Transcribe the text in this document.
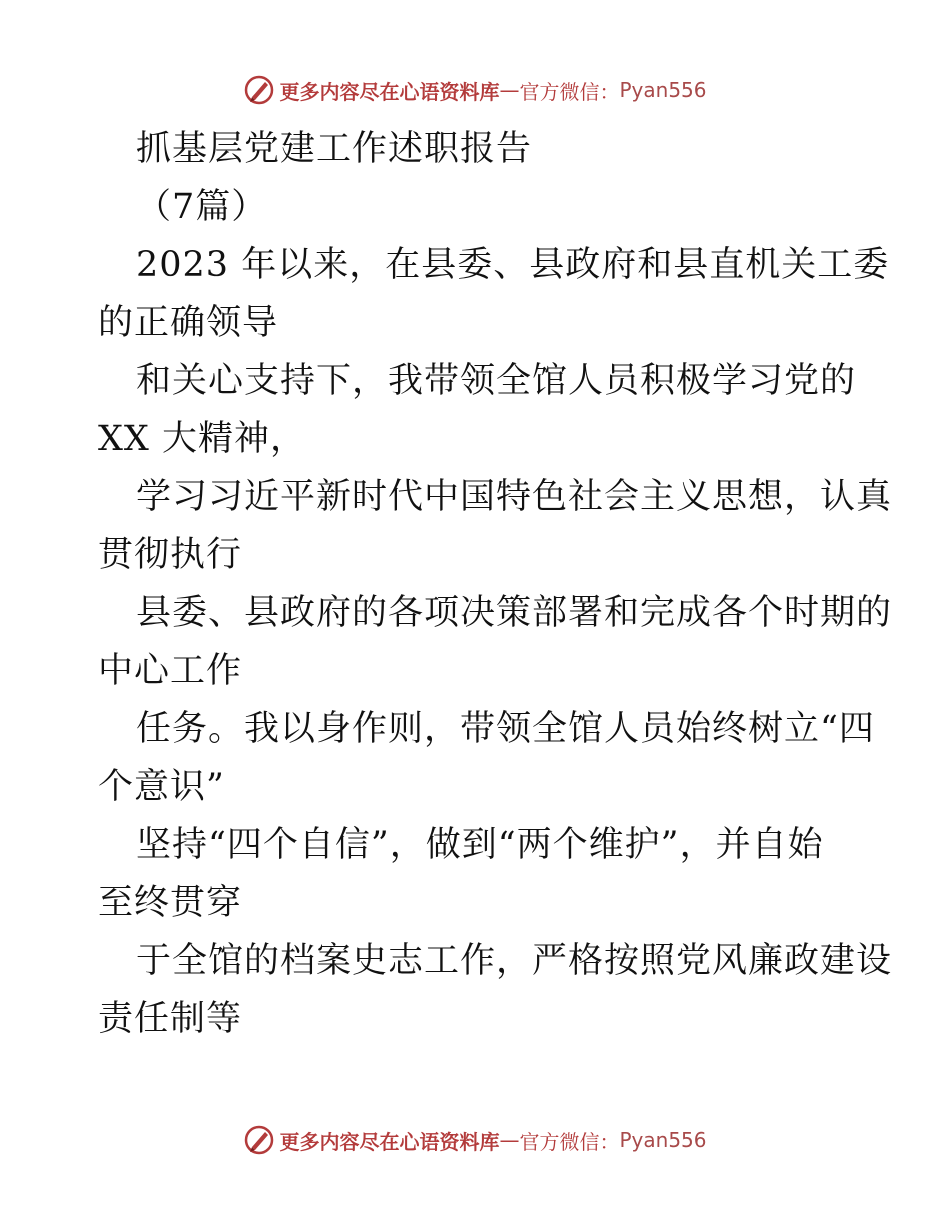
更多内容尽在心语资料库 — 官方微信： Pyan556
抓基层党建工作述职报告
（7篇）
2023 年以来，在县委、县政府和县直机关工委
的正确领导
和关心支持下，我带领全馆人员积极学习党的
XX 大精神，
学习习近平新时代中国特色社会主义思想，认真
贯彻执行
县委、县政府的各项决策部署和完成各个时期的
中心工作
任务。我以身作则，带领全馆人员始终树立“四
个意识”
坚持“四个自信”，做到“两个维护”，并自始
至终贯穿
于全馆的档案史志工作，严格按照党风廉政建设
责任制等
更多内容尽在心语资料库 — 官方微信： Pyan556
